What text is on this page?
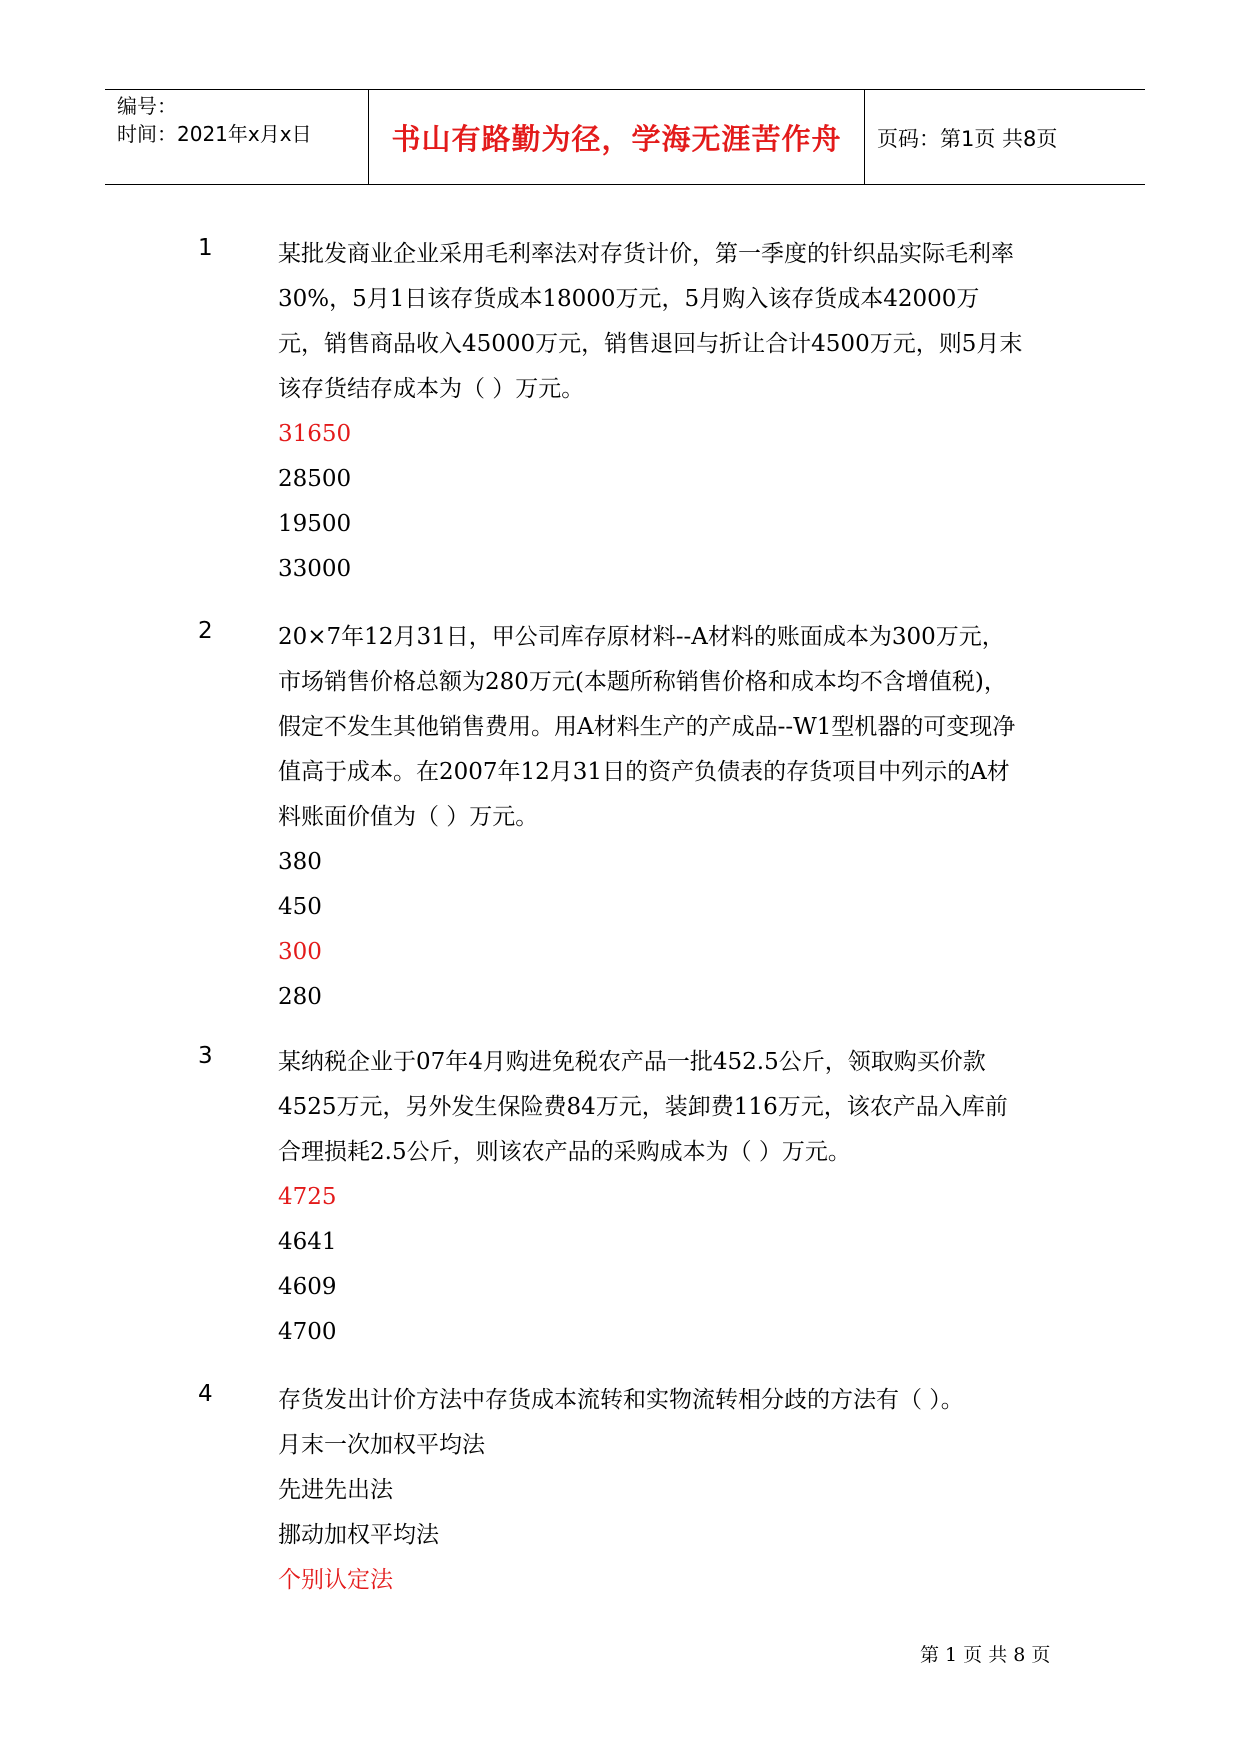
编号：
时间：2021年x月x日	书山有路勤为径，学海无涯苦作舟	页码：第1页 共8页
1	某批发商业企业采用毛利率法对存货计价，第一季度的针织品实际毛利率30%，5月1日该存货成本18000万元，5月购入该存货成本42000万元，销售商品收入45000万元，销售退回与折让合计4500万元，则5月末该存货结存成本为（ ）万元。

31650

28500

19500

33000

2	20×7年12月31日，甲公司库存原材料--A材料的账面成本为300万元，市场销售价格总额为280万元(本题所称销售价格和成本均不含增值税)，假定不发生其他销售费用。用A材料生产的产成品--W1型机器的可变现净值高于成本。在2007年12月31日的资产负债表的存货项目中列示的A材料账面价值为（ ）万元。

380

450

300

280

3	某纳税企业于07年4月购进免税农产品一批452.5公斤，领取购买价款4525万元，另外发生保险费84万元，装卸费116万元，该农产品入库前合理损耗2.5公斤，则该农产品的采购成本为（ ）万元。

4725

4641

4609

4700

4	存货发出计价方法中存货成本流转和实物流转相分歧的方法有（ ）。

月末一次加权平均法

先进先出法

挪动加权平均法

个别认定法

第 1 页 共 8 页
